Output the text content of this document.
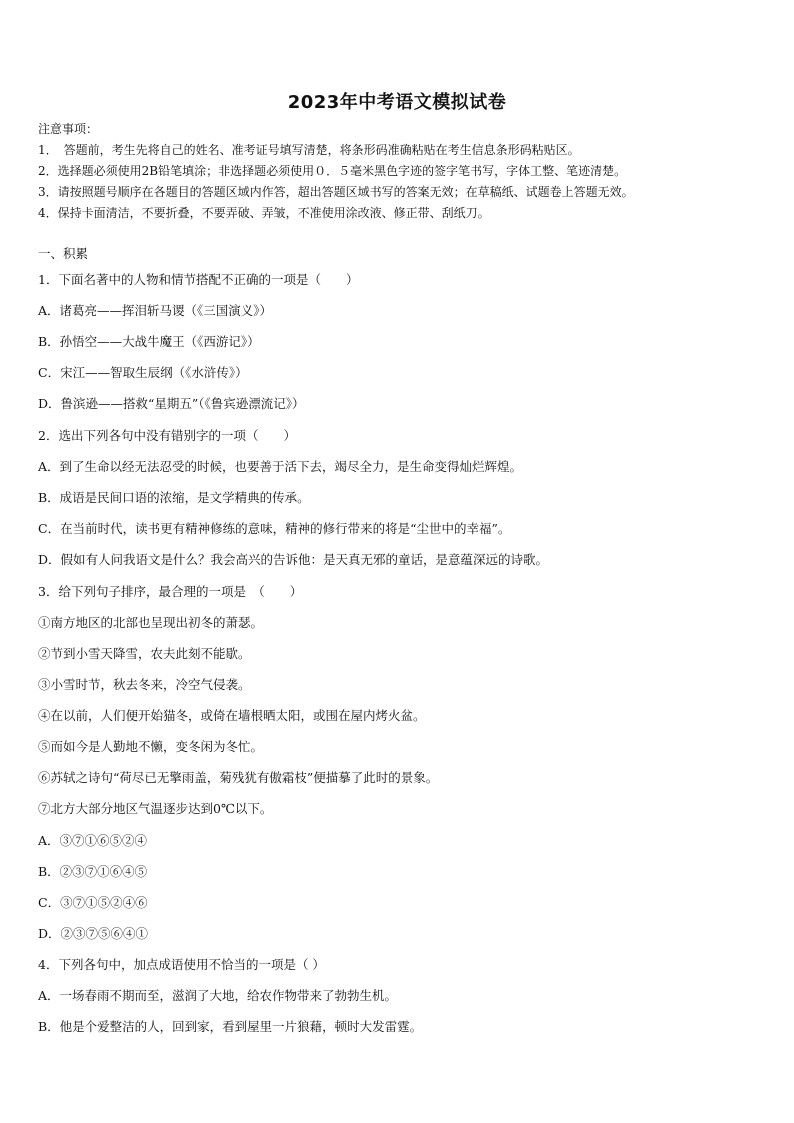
2023年中考语文模拟试卷
注意事项：
1．　答题前，考生先将自己的姓名、准考证号填写清楚，将条形码准确粘贴在考生信息条形码粘贴区。
2．选择题必须使用2B铅笔填涂；非选择题必须使用０．５毫米黑色字迹的签字笔书写，字体工整、笔迹清楚。
3．请按照题号顺序在各题目的答题区域内作答，超出答题区域书写的答案无效；在草稿纸、试题卷上答题无效。
4．保持卡面清洁，不要折叠，不要弄破、弄皱，不准使用涂改液、修正带、刮纸刀。
一、积累
1．下面名著中的人物和情节搭配不正确的一项是（　　）
A．诸葛亮——挥泪斩马谡（《三国演义》）
B．孙悟空——大战牛魔王（《西游记》）
C．宋江——智取生辰纲（《水浒传》）
D．鲁滨逊——搭救“星期五”（《鲁宾逊漂流记》）
2．选出下列各句中没有错别字的一项（　　）
A．到了生命以经无法忍受的时候，也要善于活下去，竭尽全力，是生命变得灿烂辉煌。
B．成语是民间口语的浓缩，是文学精典的传承。
C．在当前时代，读书更有精神修练的意味，精神的修行带来的将是“尘世中的幸福”。
D．假如有人问我语文是什么？我会高兴的告诉他：是天真无邪的童话，是意蕴深远的诗歌。
3．给下列句子排序，最合理的一项是　（　　）
①南方地区的北部也呈现出初冬的萧瑟。
②节到小雪天降雪，农夫此刻不能歇。
③小雪时节，秋去冬来，冷空气侵袭。
④在以前，人们便开始猫冬，或倚在墙根晒太阳，或围在屋内烤火盆。
⑤而如今是人勤地不懒，变冬闲为冬忙。
⑥苏轼之诗句“荷尽已无擎雨盖，菊残犹有傲霜枝”便描摹了此时的景象。
⑦北方大部分地区气温逐步达到0℃以下。
A．③⑦①⑥⑤②④
B．②③⑦①⑥④⑤
C．③⑦①⑤②④⑥
D．②③⑦⑤⑥④①
4．下列各句中，加点成语使用不恰当的一项是（ ）
A．一场春雨不期而至，滋润了大地，给农作物带来了勃勃生机。
B．他是个爱整洁的人，回到家，看到屋里一片狼藉，顿时大发雷霆。
